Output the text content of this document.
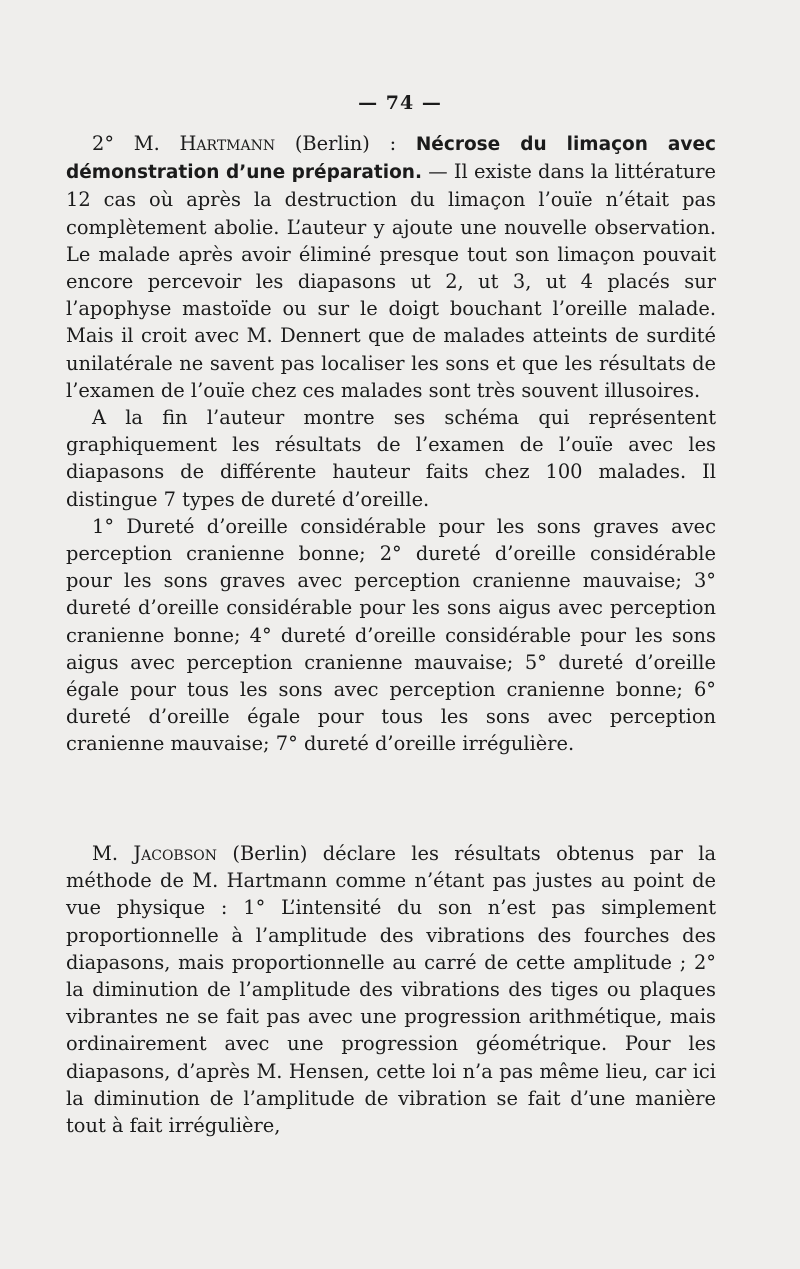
— 74 —

2° M. Hartmann (Berlin) : Nécrose du limaçon avec démonstration d’une préparation. — Il existe dans la littérature 12 cas où après la destruction du limaçon l’ouïe n’était pas complètement abolie. L’auteur y ajoute une nouvelle observation. Le malade après avoir éliminé presque tout son limaçon pouvait encore percevoir les diapasons ut 2, ut 3, ut 4 placés sur l’apophyse mastoïde ou sur le doigt bouchant l’oreille malade. Mais il croit avec M. Dennert que de malades atteints de surdité unilatérale ne savent pas localiser les sons et que les résultats de l’examen de l’ouïe chez ces malades sont très souvent illusoires.

A la fin l’auteur montre ses schéma qui représentent graphiquement les résultats de l’examen de l’ouïe avec les diapasons de différente hauteur faits chez 100 malades. Il distingue 7 types de dureté d’oreille.

1° Dureté d’oreille considérable pour les sons graves avec perception cranienne bonne; 2° dureté d’oreille considérable pour les sons graves avec perception cranienne mauvaise; 3° dureté d’oreille considérable pour les sons aigus avec perception cranienne bonne; 4° dureté d’oreille considérable pour les sons aigus avec perception cranienne mauvaise; 5° dureté d’oreille égale pour tous les sons avec perception cranienne bonne; 6° dureté d’oreille égale pour tous les sons avec perception cranienne mauvaise; 7° dureté d’oreille irrégulière.

M. Jacobson (Berlin) déclare les résultats obtenus par la méthode de M. Hartmann comme n’étant pas justes au point de vue physique : 1° L’intensité du son n’est pas simplement proportionnelle à l’amplitude des vibrations des fourches des diapasons, mais proportionnelle au carré de cette amplitude ; 2° la diminution de l’amplitude des vibrations des tiges ou plaques vibrantes ne se fait pas avec une progression arithmétique, mais ordinairement avec une progression géométrique. Pour les diapasons, d’après M. Hensen, cette loi n’a pas même lieu, car ici la diminution de l’amplitude de vibration se fait d’une manière tout à fait irrégulière,
